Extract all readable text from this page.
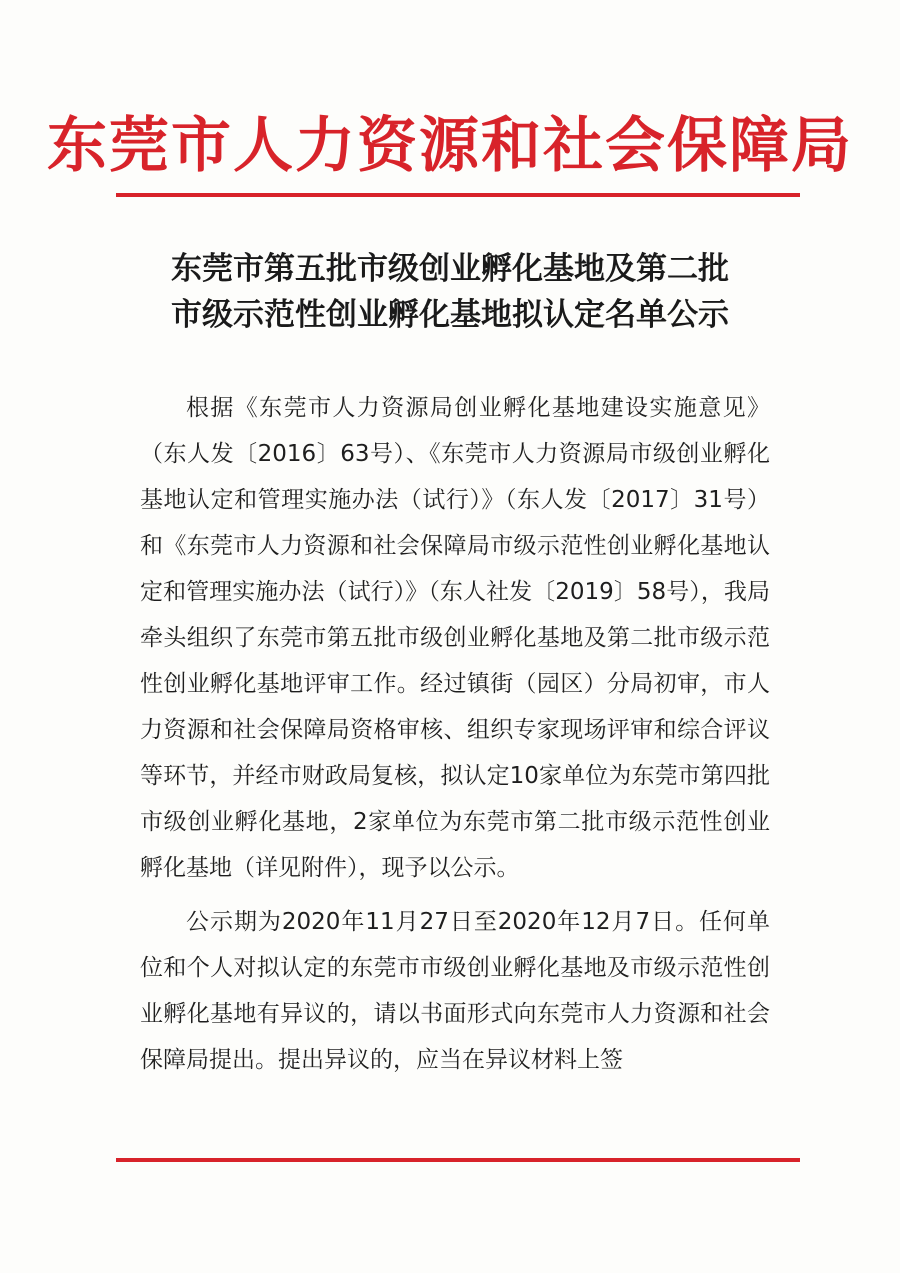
东莞市人力资源和社会保障局
东莞市第五批市级创业孵化基地及第二批
市级示范性创业孵化基地拟认定名单公示

根据《东莞市人力资源局创业孵化基地建设实施意见》（东人发〔2016〕63号）、《东莞市人力资源局市级创业孵化基地认定和管理实施办法（试行）》（东人发〔2017〕31号）和《东莞市人力资源和社会保障局市级示范性创业孵化基地认定和管理实施办法（试行）》（东人社发〔2019〕58号），我局牵头组织了东莞市第五批市级创业孵化基地及第二批市级示范性创业孵化基地评审工作。经过镇街（园区）分局初审，市人力资源和社会保障局资格审核、组织专家现场评审和综合评议等环节，并经市财政局复核，拟认定10家单位为东莞市第四批市级创业孵化基地，2家单位为东莞市第二批市级示范性创业孵化基地（详见附件），现予以公示。

公示期为2020年11月27日至2020年12月7日。任何单位和个人对拟认定的东莞市市级创业孵化基地及市级示范性创业孵化基地有异议的，请以书面形式向东莞市人力资源和社会保障局提出。提出异议的，应当在异议材料上签
